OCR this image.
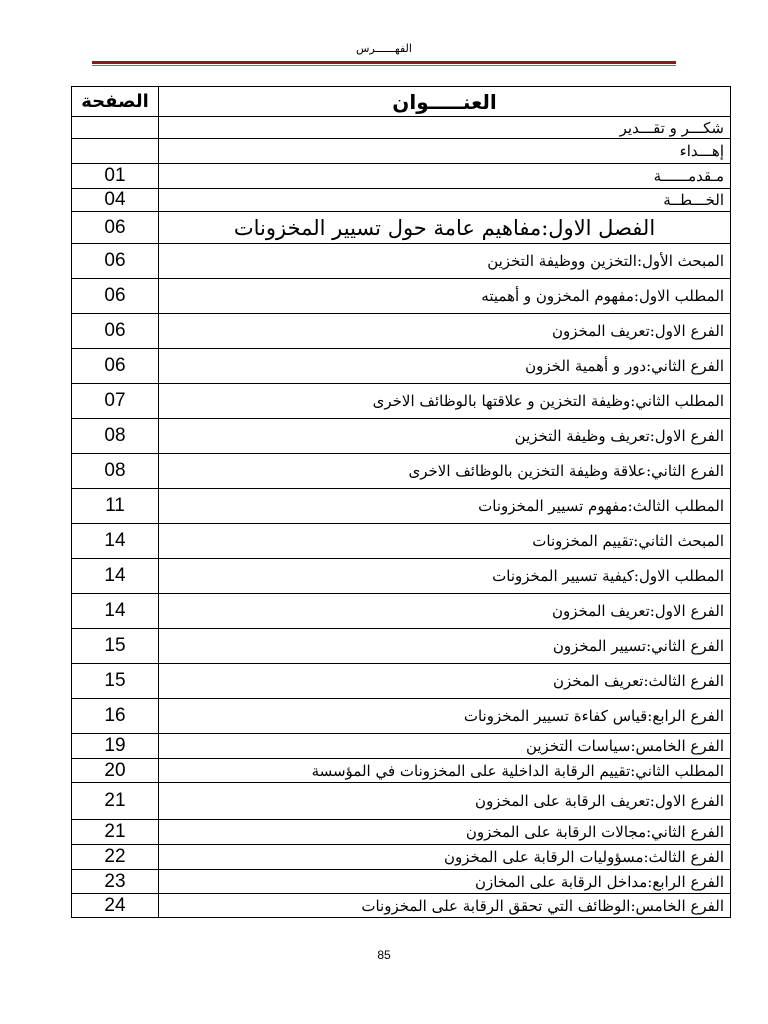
الفهــــــرس
العنـــــوان	الصفحة
شكـــر و تقـــدير	
إهـــداء	
مـقدمــــــة	01
الخـــطــة	04
الفصل الاول:مفاهيم عامة حول تسيير المخزونات	06
المبحث الأول:التخزين ووظيفة التخزين	06
المطلب الاول:مفهوم المخزون و أهميته	06
الفرع الاول:تعريف المخزون	06
الفرع الثاني:دور و أهمية الخزون	06
المطلب الثاني:وظيفة التخزين و علاقتها بالوظائف الاخرى	07
الفرع الاول:تعريف وظيفة التخزين	08
الفرع الثاني:علاقة وظيفة التخزين بالوظائف الاخرى	08
المطلب الثالث:مفهوم تسيير المخزونات	11
المبحث الثاني:تقييم المخزونات	14
المطلب الاول:كيفية تسيير المخزونات	14
الفرع الاول:تعريف المخزون	14
الفرع الثاني:تسيير المخزون	15
الفرع الثالث:تعريف المخزن	15
الفرع الرابع:قياس كفاءة تسيير المخزونات	16
الفرع الخامس:سياسات التخزين	19
المطلب الثاني:تقييم الرقابة الداخلية على المخزونات في المؤسسة	20
الفرع الاول:تعريف الرقابة على المخزون	21
الفرع الثاني:مجالات الرقابة على المخزون	21
الفرع الثالث:مسؤوليات الرقابة على المخزون	22
الفرع الرابع:مداخل الرقابة على المخازن	23
الفرع الخامس:الوظائف التي تحقق الرقابة على المخزونات	24
85
